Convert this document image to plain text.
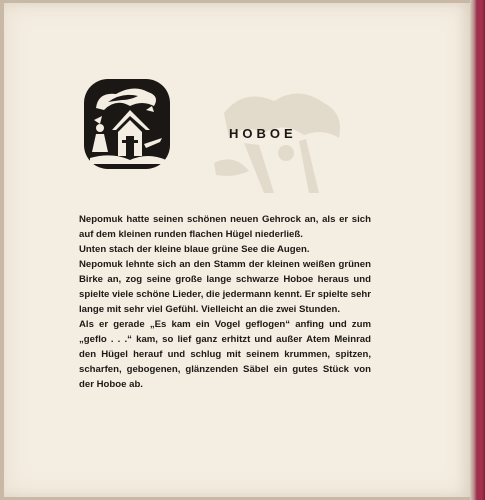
HOBOE

Nepomuk hatte seinen schönen neuen Gehrock an, als er sich auf dem kleinen runden flachen Hügel niederließ.

Unten stach der kleine blaue grüne See die Augen.

Nepomuk lehnte sich an den Stamm der kleinen weißen grünen Birke an, zog seine große lange schwarze Hoboe heraus und spielte viele schöne Lieder, die jedermann kennt. Er spielte sehr lange mit sehr viel Gefühl. Vielleicht an die zwei Stunden.

Als er gerade „Es kam ein Vogel geflogen“ anfing und zum „geflo . . .“ kam, so lief ganz erhitzt und außer Atem Meinrad den Hügel herauf und schlug mit seinem krummen, spitzen, scharfen, gebogenen, glänzenden Säbel ein gutes Stück von der Hoboe ab.
